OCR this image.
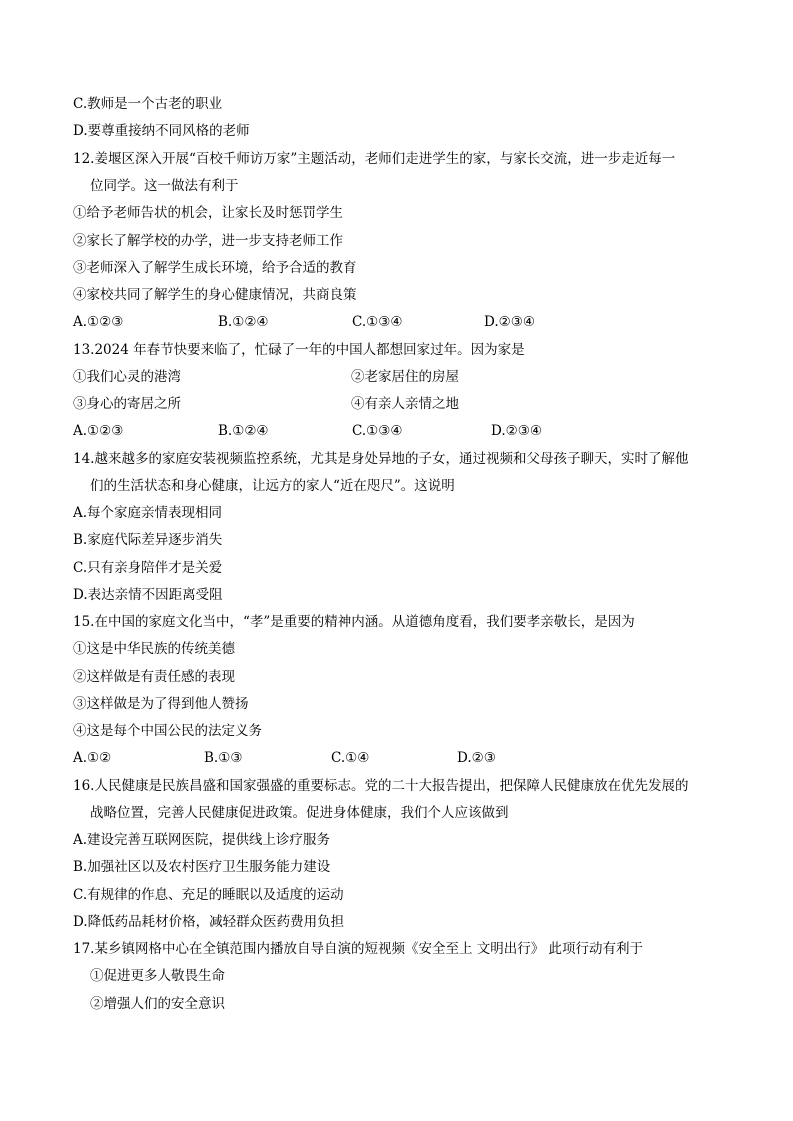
C.教师是一个古老的职业
D.要尊重接纳不同风格的老师
12.姜堰区深入开展“百校千师访万家”主题活动，老师们走进学生的家，与家长交流，进一步走近每一
位同学。这一做法有利于
①给予老师告状的机会，让家长及时惩罚学生
②家长了解学校的办学，进一步支持老师工作
③老师深入了解学生成长环境，给予合适的教育
④家校共同了解学生的身心健康情况，共商良策
A.①②③	B.①②④	C.①③④	D.②③④
13.2024 年春节快要来临了，忙碌了一年的中国人都想回家过年。因为家是
①我们心灵的港湾	②老家居住的房屋
③身心的寄居之所	④有亲人亲情之地
A.①②③	B.①②④	C.①③④	D.②③④
14.越来越多的家庭安装视频监控系统，尤其是身处异地的子女，通过视频和父母孩子聊天，实时了解他
们的生活状态和身心健康，让远方的家人“近在咫尺”。这说明
A.每个家庭亲情表现相同
B.家庭代际差异逐步消失
C.只有亲身陪伴才是关爱
D.表达亲情不因距离受阻
15.在中国的家庭文化当中，“孝”是重要的精神内涵。从道德角度看，我们要孝亲敬长，是因为
①这是中华民族的传统美德
②这样做是有责任感的表现
③这样做是为了得到他人赞扬
④这是每个中国公民的法定义务
A.①②	B.①③	C.①④	D.②③
16.人民健康是民族昌盛和国家强盛的重要标志。党的二十大报告提出，把保障人民健康放在优先发展的
战略位置，完善人民健康促进政策。促进身体健康，我们个人应该做到
A.建设完善互联网医院，提供线上诊疗服务
B.加强社区以及农村医疗卫生服务能力建设
C.有规律的作息、充足的睡眠以及适度的运动
D.降低药品耗材价格，减轻群众医药费用负担
17.某乡镇网格中心在全镇范围内播放自导自演的短视频《安全至上 文明出行》 此项行动有利于
①促进更多人敬畏生命
②增强人们的安全意识
